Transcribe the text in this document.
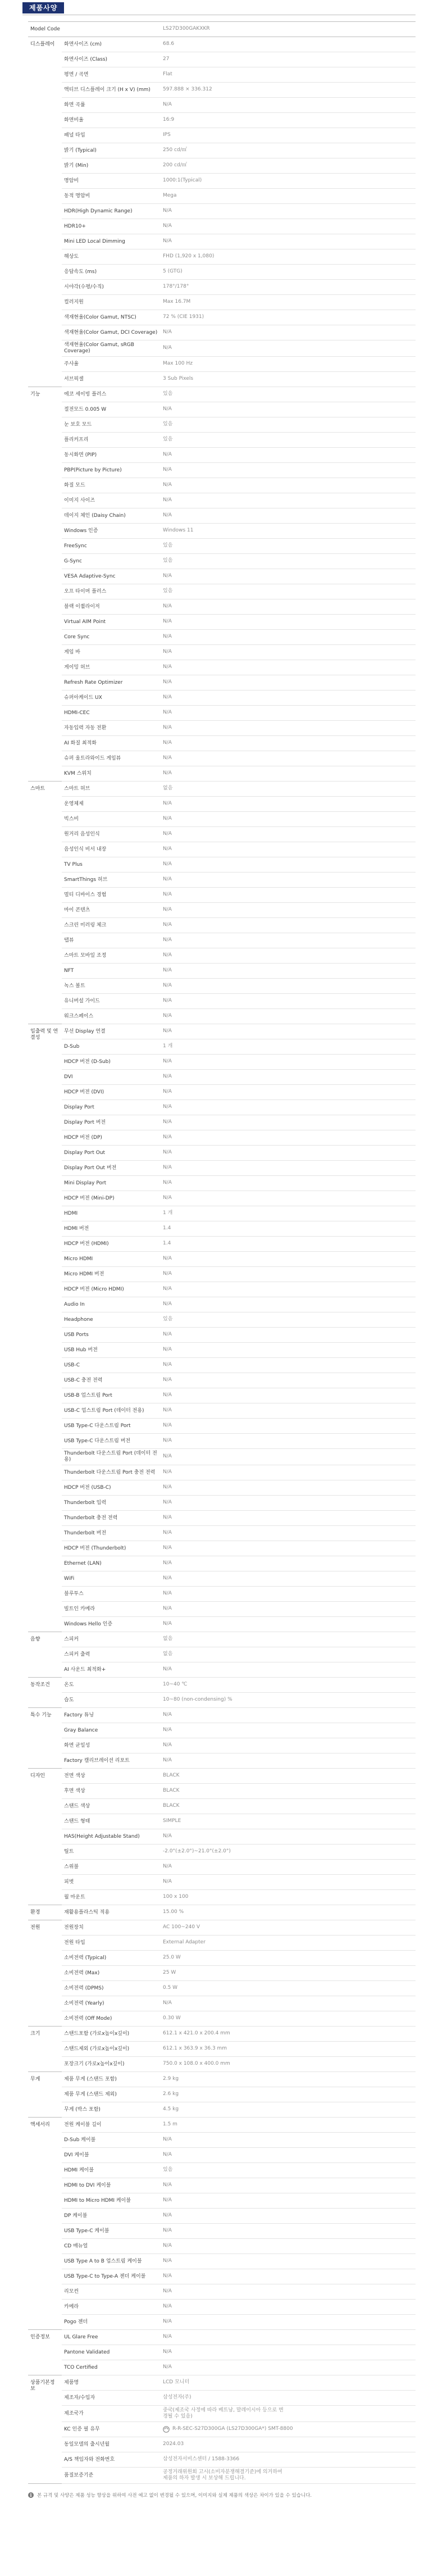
제품사양
Model Code		LS27D300GAKXKR
디스플레이	화면사이즈 (cm)	68.6
	화면사이즈 (Class)	27
	평면 / 곡면	Flat
	액티브 디스플레이 크기 (H x V) (mm)	597.888 × 336.312
	화면 곡률	N/A
	화면비율	16:9
	패널 타입	IPS
	밝기 (Typical)	250 cd/㎡
	밝기 (Min)	200 cd/㎡
	명암비	1000:1(Typical)
	동적 명암비	Mega
	HDR(High Dynamic Range)	N/A
	HDR10+	N/A
	Mini LED Local Dimming	N/A
	해상도	FHD (1,920 x 1,080)
	응답속도 (ms)	5 (GTG)
	시야각(수평/수직)	178°/178°
	컬러지원	Max 16.7M
	색재현율(Color Gamut, NTSC)	72 % (CIE 1931)
	색재현율(Color Gamut, DCI Coverage)	N/A
	색재현율(Color Gamut, sRGB Coverage)	N/A
	주사율	Max 100 Hz
	서브픽셀	3 Sub Pixels
기능	에코 세이빙 플러스	있음
	절전모드 0.005 W	N/A
	눈 보호 모드	있음
	플리커프리	있음
	동시화면 (PIP)	N/A
	PBP(Picture by Picture)	N/A
	화질 모드	N/A
	이미지 사이즈	N/A
	데이지 체인 (Daisy Chain)	N/A
	Windows 인증	Windows 11
	FreeSync	있음
	G-Sync	있음
	VESA Adaptive-Sync	N/A
	오프 타이머 플러스	있음
	블랙 이퀄라이저	N/A
	Virtual AIM Point	N/A
	Core Sync	N/A
	게임 바	N/A
	게이밍 허브	N/A
	Refresh Rate Optimizer	N/A
	슈퍼아케이드 UX	N/A
	HDMI-CEC	N/A
	자동입력 자동 전환	N/A
	AI 화질 최적화	N/A
	슈퍼 울트라와이드 게임뷰	N/A
	KVM 스위치	N/A
스마트	스마트 허브	없음
	운영체제	N/A
	빅스비	N/A
	원거리 음성인식	N/A
	음성인식 비서 내장	N/A
	TV Plus	N/A
	SmartThings 허브	N/A
	멀티 디바이스 경험	N/A
	마이 콘텐츠	N/A
	스크린 미러링 체크	N/A
	탭뷰	N/A
	스마트 모바일 조정	N/A
	NFT	N/A
	녹스 볼트	N/A
	유니버설 가이드	N/A
	워크스페이스	N/A
입출력 및 연결성	무선 Display 연결	N/A
	D-Sub	1 개
	HDCP 버전 (D-Sub)	N/A
	DVI	N/A
	HDCP 버전 (DVI)	N/A
	Display Port	N/A
	Display Port 버전	N/A
	HDCP 버전 (DP)	N/A
	Display Port Out	N/A
	Display Port Out 버전	N/A
	Mini Display Port	N/A
	HDCP 버전 (Mini-DP)	N/A
	HDMI	1 개
	HDMI 버전	1.4
	HDCP 버전 (HDMI)	1.4
	Micro HDMI	N/A
	Micro HDMI 버전	N/A
	HDCP 버전 (Micro HDMI)	N/A
	Audio In	N/A
	Headphone	있음
	USB Ports	N/A
	USB Hub 버전	N/A
	USB-C	N/A
	USB-C 충전 전력	N/A
	USB-B 업스트림 Port	N/A
	USB-C 업스트림 Port (데이터 전용)	N/A
	USB Type-C 다운스트림 Port	N/A
	USB Type-C 다운스트림 버전	N/A
	Thunderbolt 다운스트림 Port (데이터 전용)	N/A
	Thunderbolt 다운스트림 Port 충전 전력	N/A
	HDCP 버전 (USB-C)	N/A
	Thunderbolt 입력	N/A
	Thunderbolt 충전 전력	N/A
	Thunderbolt 버전	N/A
	HDCP 버전 (Thunderbolt)	N/A
	Ethernet (LAN)	N/A
	WiFi	N/A
	블루투스	N/A
	빌트인 카메라	N/A
	Windows Hello 인증	N/A
음향	스피커	없음
	스피커 출력	없음
	AI 사운드 최적화+	N/A
동작조건	온도	10~40 ℃
	습도	10~80 (non-condensing) %
특수 기능	Factory 튜닝	N/A
	Gray Balance	N/A
	화면 균일성	N/A
	Factory 캘리브레이션 리포트	N/A
디자인	전면 색상	BLACK
	후면 색상	BLACK
	스탠드 색상	BLACK
	스탠드 형태	SIMPLE
	HAS(Height Adjustable Stand)	N/A
	틸트	-2.0°(±2.0°)~21.0°(±2.0°)
	스위블	N/A
	피벗	N/A
	월 마운트	100 x 100
환경	재활용플라스틱 적용	15.00 %
전원	전원장치	AC 100~240 V
	전원 타입	External Adapter
	소비전력 (Typical)	25.0 W
	소비전력 (Max)	25 W
	소비전력 (DPMS)	0.5 W
	소비전력 (Yearly)	N/A
	소비전력 (Off Mode)	0.30 W
크기	스탠드포함 (가로x높이x깊이)	612.1 x 421.0 x 200.4 mm
	스탠드제외 (가로x높이x깊이)	612.1 x 363.9 x 36.3 mm
	포장크기 (가로x높이x깊이)	750.0 x 108.0 x 400.0 mm
무게	제품 무게 (스탠드 포함)	2.9 kg
	제품 무게 (스탠드 제외)	2.6 kg
	무게 (박스 포함)	4.5 kg
액세서리	전원 케이블 길이	1.5 m
	D-Sub 케이블	N/A
	DVI 케이블	N/A
	HDMI 케이블	있음
	HDMI to DVI 케이블	N/A
	HDMI to Micro HDMI 케이블	N/A
	DP 케이블	N/A
	USB Type-C 케이블	N/A
	CD 매뉴얼	N/A
	USB Type A to B 업스트림 케이블	N/A
	USB Type-C to Type-A 젠더 케이블	N/A
	리모컨	N/A
	카메라	N/A
	Pogo 젠더	N/A
인증정보	UL Glare Free	N/A
	Pantone Validated	N/A
	TCO Certified	N/A
상품기본정보	제품명	LCD 모니터
	제조자/수입자	삼성전자(주)
	제조국가	중국(제조국 사정에 따라 베트남, 말레이시아 등으로 변경될 수 있음)
	KC 인증 필 유무	R-R-SEC-S27D300GA (LS27D300GA*) SMT-8800
	동일모델의 출시년월	2024.03
	A/S 책임자와 전화번호	삼성전자서비스센터 / 1588-3366
	품질보증기준	공정거래위원회 고시(소비자분쟁해결기준)에 의거하여 제품의 하자 발생 시 보상해 드립니다.
i
본 규격 및 사양은 제품 성능 향상을 위하여 사전 예고 없이 변경될 수 있으며, 이미지와 실제 제품의 색상은 차이가 있을 수 있습니다.
